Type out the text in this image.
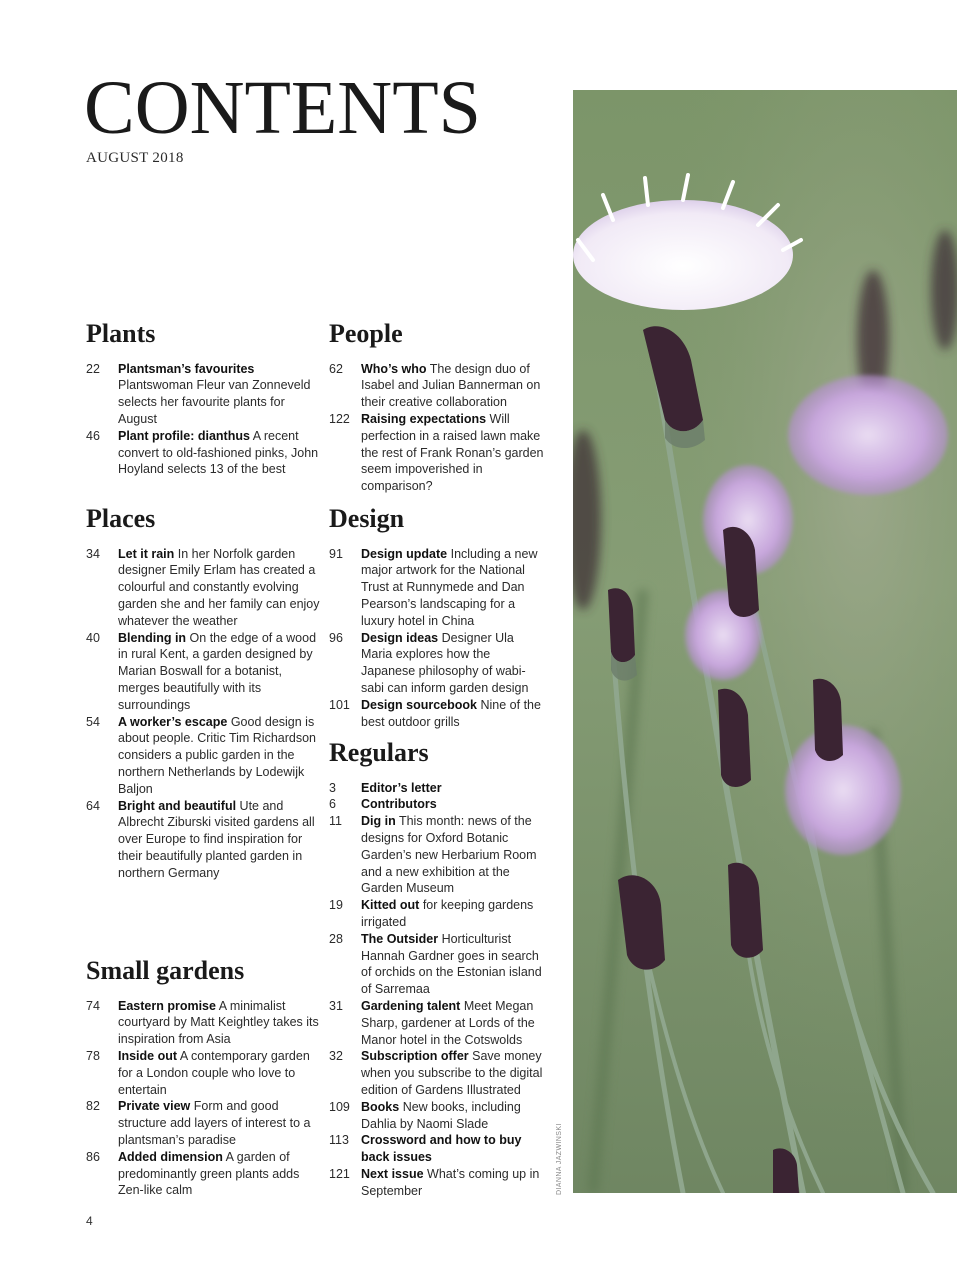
CONTENTS
AUGUST 2018
Plants
22	Plantsman’s favourites Plantswoman Fleur van Zonneveld selects her favourite plants for August
46	Plant profile: dianthus A recent convert to old-fashioned pinks, John Hoyland selects 13 of the best
Places
34	Let it rain In her Norfolk garden designer Emily Erlam has created a colourful and constantly evolving garden she and her family can enjoy whatever the weather
40	Blending in On the edge of a wood in rural Kent, a garden designed by Marian Boswall for a botanist, merges beautifully with its surroundings
54	A worker’s escape Good design is about people. Critic Tim Richardson considers a public garden in the northern Netherlands by Lodewijk Baljon
64	Bright and beautiful Ute and Albrecht Ziburski visited gardens all over Europe to find inspiration for their beautifully planted garden in northern Germany
Small gardens
74	Eastern promise A minimalist courtyard by Matt Keightley takes its inspiration from Asia
78	Inside out A contemporary garden for a London couple who love to entertain
82	Private view Form and good structure add layers of interest to a plantsman’s paradise
86	Added dimension A garden of predominantly green plants adds Zen-like calm
People
62	Who’s who The design duo of Isabel and Julian Bannerman on their creative collaboration
122 Raising expectations Will perfection in a raised lawn make the rest of Frank Ronan’s garden seem impoverished in comparison?
Design
91	Design update Including a new major artwork for the National Trust at Runnymede and Dan Pearson’s landscaping for a luxury hotel in China
96	Design ideas Designer Ula Maria explores how the Japanese philosophy of wabi-sabi can inform garden design
101 Design sourcebook Nine of the best outdoor grills
Regulars
3	Editor’s letter
6	Contributors
11	Dig in This month: news of the designs for Oxford Botanic Garden’s new Herbarium Room and a new exhibition at the Garden Museum
19	Kitted out for keeping gardens irrigated
28	The Outsider Horticulturist Hannah Gardner goes in search of orchids on the Estonian island of Sarremaa
31	Gardening talent Meet Megan Sharp, gardener at Lords of the Manor hotel in the Cotswolds
32	Subscription offer Save money when you subscribe to the digital edition of Gardens Illustrated
109 Books New books, including Dahlia by Naomi Slade
113 Crossword and how to buy back issues
121 Next issue What’s coming up in September	DIANNA JAZWINSKI
4
